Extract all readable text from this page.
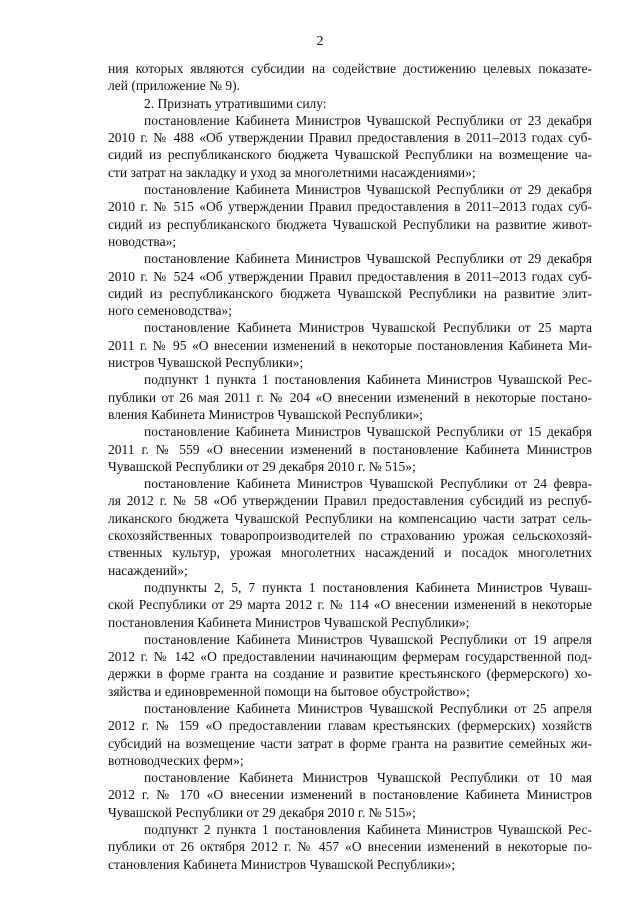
2
ния которых являются субсидии на содействие достижению целевых показате-
лей (приложение № 9).
2. Признать утратившими силу:
постановление Кабинета Министров Чувашской Республики от 23 декабря
2010 г. № 488 «Об утверждении Правил предоставления в 2011–2013 годах суб-
сидий из республиканского бюджета Чувашской Республики на возмещение ча-
сти затрат на закладку и уход за многолетними насаждениями»;
постановление Кабинета Министров Чувашской Республики от 29 декабря
2010 г. № 515 «Об утверждении Правил предоставления в 2011–2013 годах суб-
сидий из республиканского бюджета Чувашской Республики на развитие живот-
новодства»;
постановление Кабинета Министров Чувашской Республики от 29 декабря
2010 г. № 524 «Об утверждении Правил предоставления в 2011–2013 годах суб-
сидий из республиканского бюджета Чувашской Республики на развитие элит-
ного семеноводства»;
постановление Кабинета Министров Чувашской Республики от 25 марта
2011 г. № 95 «О внесении изменений в некоторые постановления Кабинета Ми-
нистров Чувашской Республики»;
подпункт 1 пункта 1 постановления Кабинета Министров Чувашской Рес-
публики от 26 мая 2011 г. № 204 «О внесении изменений в некоторые постано-
вления Кабинета Министров Чувашской Республики»;
постановление Кабинета Министров Чувашской Республики от 15 декабря
2011 г. № 559 «О внесении изменений в постановление Кабинета Министров
Чувашской Республики от 29 декабря 2010 г. № 515»;
постановление Кабинета Министров Чувашской Республики от 24 февра-
ля 2012 г. № 58 «Об утверждении Правил предоставления субсидий из респуб-
ликанского бюджета Чувашской Республики на компенсацию части затрат сель-
скохозяйственных товаропроизводителей по страхованию урожая сельскохозяй-
ственных культур, урожая многолетних насаждений и посадок многолетних
насаждений»;
подпункты 2, 5, 7 пункта 1 постановления Кабинета Министров Чуваш-
ской Республики от 29 марта 2012 г. № 114 «О внесении изменений в некоторые
постановления Кабинета Министров Чувашской Республики»;
постановление Кабинета Министров Чувашской Республики от 19 апреля
2012 г. № 142 «О предоставлении начинающим фермерам государственной под-
держки в форме гранта на создание и развитие крестьянского (фермерского) хо-
зяйства и единовременной помощи на бытовое обустройство»;
постановление Кабинета Министров Чувашской Республики от 25 апреля
2012 г. № 159 «О предоставлении главам крестьянских (фермерских) хозяйств
субсидий на возмещение части затрат в форме гранта на развитие семейных жи-
вотноводческих ферм»;
постановление Кабинета Министров Чувашской Республики от 10 мая
2012 г. № 170 «О внесении изменений в постановление Кабинета Министров
Чувашской Республики от 29 декабря 2010 г. № 515»;
подпункт 2 пункта 1 постановления Кабинета Министров Чувашской Рес-
публики от 26 октября 2012 г. № 457 «О внесении изменений в некоторые по-
становления Кабинета Министров Чувашской Республики»;
